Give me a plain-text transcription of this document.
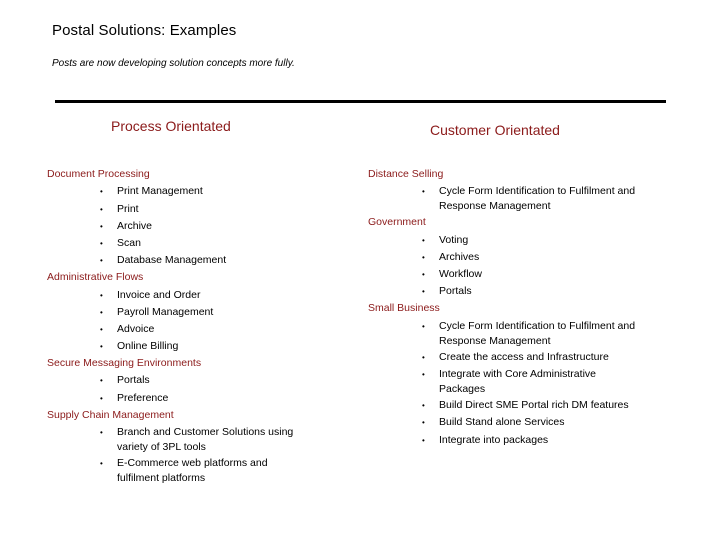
Postal Solutions: Examples
Posts are now developing solution concepts more fully.
Process Orientated	Customer Orientated
Document Processing
• Print Management
• Print
• Archive
• Scan
• Database Management
Administrative Flows
• Invoice and Order
• Payroll Management
• Advoice
• Online Billing
Secure Messaging Environments
• Portals
• Preference
Supply Chain Management
• Branch and Customer Solutions using variety of 3PL tools
• E-Commerce web platforms and fulfilment platforms
Distance Selling
• Cycle Form Identification to Fulfilment and Response Management
Government
• Voting
• Archives
• Workflow
• Portals
Small Business
• Cycle Form Identification to Fulfilment and Response Management
• Create the access and Infrastructure
• Integrate with Core Administrative Packages
• Build Direct SME Portal rich DM features
• Build Stand alone Services
• Integrate into packages
